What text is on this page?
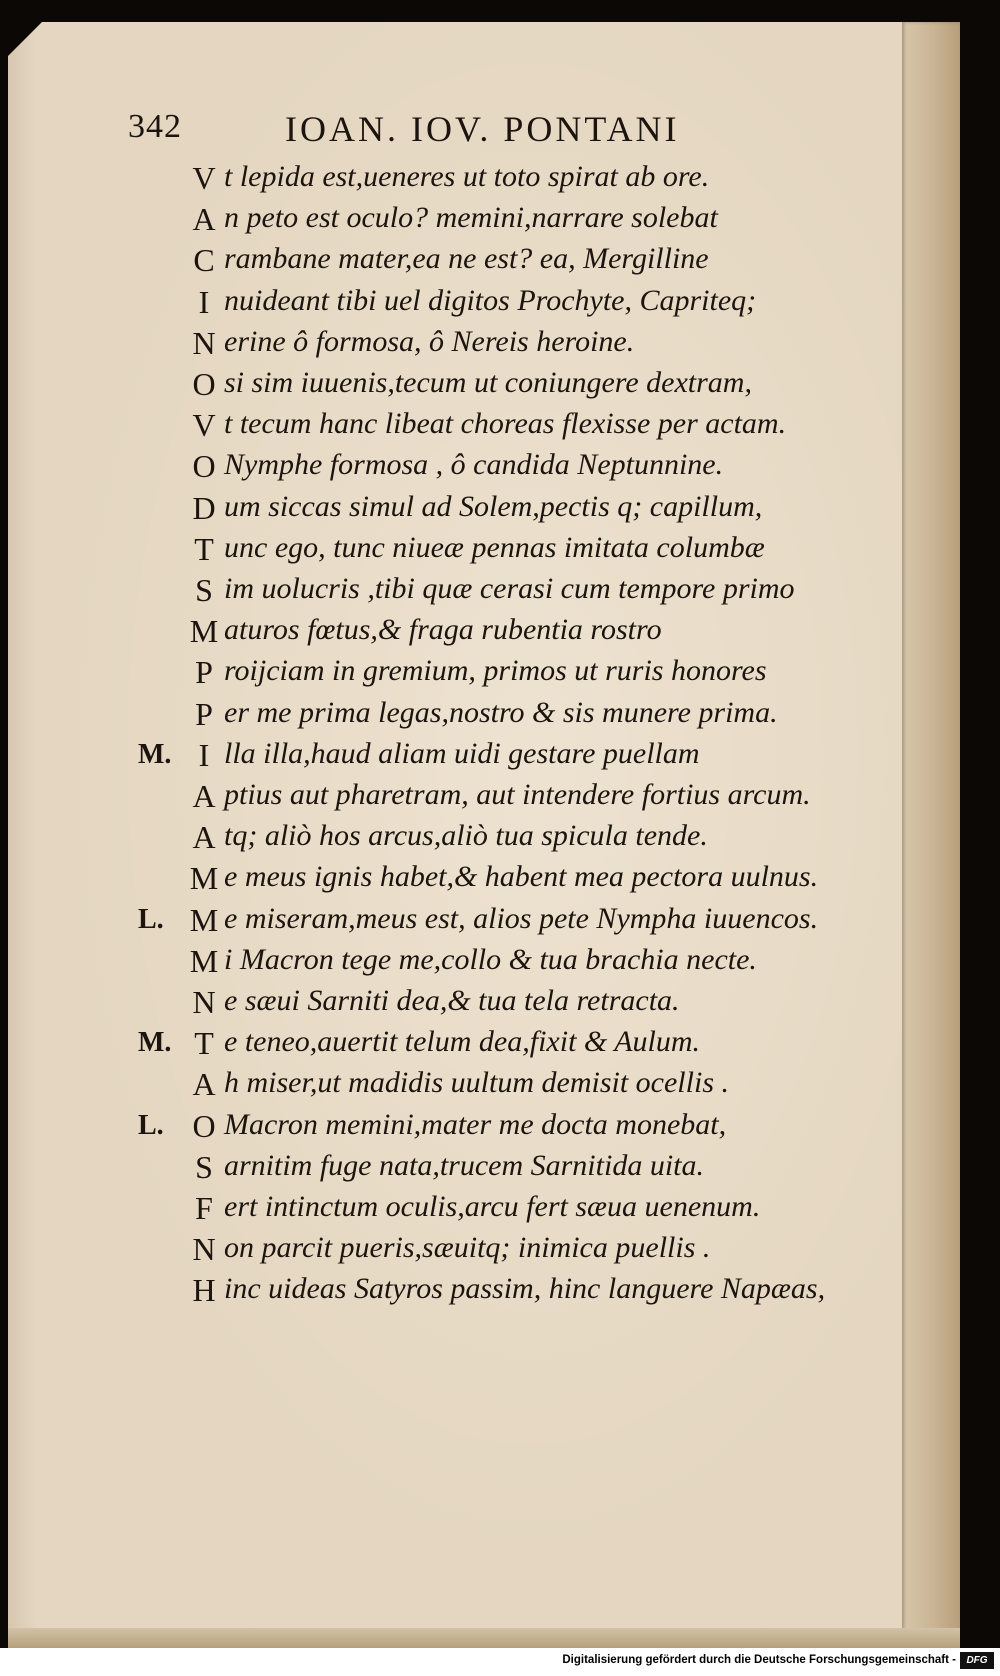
342	IOAN. IOV. PONTANI
V t lepida est,ueneres ut toto spirat ab ore.
A n peto est oculo? memini,narrare solebat
C rambane mater,ea ne est? ea, Mergilline
I nuideant tibi uel digitos Prochyte, Capriteq;
N erine ô formosa, ô Nereis heroine.
O si sim iuuenis,tecum ut coniungere dextram,
V t tecum hanc libeat choreas flexisse per actam.
O Nymphe formosa , ô candida Neptunnine.
D um siccas simul ad Solem,pectis q; capillum,
T unc ego, tunc niueæ pennas imitata columbæ
S im uolucris ,tibi quæ cerasi cum tempore primo
M aturos fœtus,& fraga rubentia rostro
P roijciam in gremium, primos ut ruris honores
P er me prima legas,nostro & sis munere prima.
M. I lla illa,haud aliam uidi gestare puellam
A ptius aut pharetram, aut intendere fortius arcum.
A tq; aliò hos arcus,aliò tua spicula tende.
M e meus ignis habet,& habent mea pectora uulnus.
L. M e miseram,meus est, alios pete Nympha iuuencos.
M i Macron tege me,collo & tua brachia necte.
N e sæui Sarniti dea,& tua tela retracta.
M. T e teneo,auertit telum dea,fixit & Aulum.
A h miser,ut madidis uultum demisit ocellis .
L. O Macron memini,mater me docta monebat,
S arnitim fuge nata,trucem Sarnitida uita.
F ert intinctum oculis,arcu fert sæua uenenum.
N on parcit pueris,sæuitq; inimica puellis .
H inc uideas Satyros passim, hinc languere Napæas,
Digitalisierung gefördert durch die Deutsche Forschungsgemeinschaft -	DFG
